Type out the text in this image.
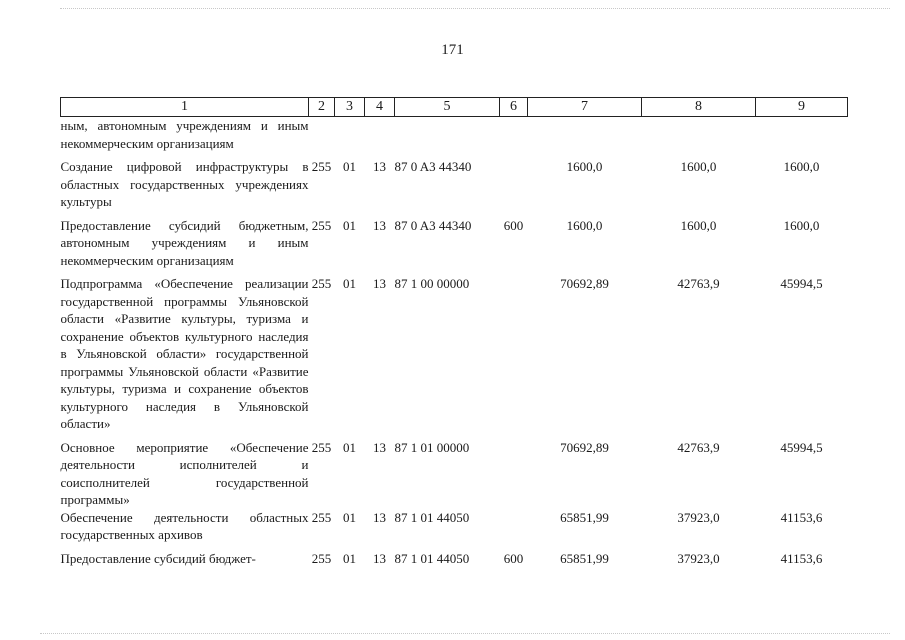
171
1	2	3	4	5	6	7	8	9
ным, автономным учреждениям и иным некоммерческим организациям								
Создание цифровой инфраструктуры в областных государственных учреждениях культуры	255	01	13	87 0 A3 44340		1600,0	1600,0	1600,0
Предоставление субсидий бюджетным, автономным учреждениям и иным некоммерческим организациям	255	01	13	87 0 A3 44340	600	1600,0	1600,0	1600,0
Подпрограмма «Обеспечение реализации государственной программы Ульяновской области «Развитие культуры, туризма и сохранение объектов культурного наследия в Ульяновской области» государственной программы Ульяновской области «Развитие культуры, туризма и сохранение объектов культурного наследия в Ульяновской области»	255	01	13	87 1 00 00000		70692,89	42763,9	45994,5
Основное мероприятие «Обеспечение деятельности исполнителей и соисполнителей государственной программы»	255	01	13	87 1 01 00000		70692,89	42763,9	45994,5
Обеспечение деятельности областных государственных архивов	255	01	13	87 1 01 44050		65851,99	37923,0	41153,6
Предоставление субсидий бюджет-	255	01	13	87 1 01 44050	600	65851,99	37923,0	41153,6
